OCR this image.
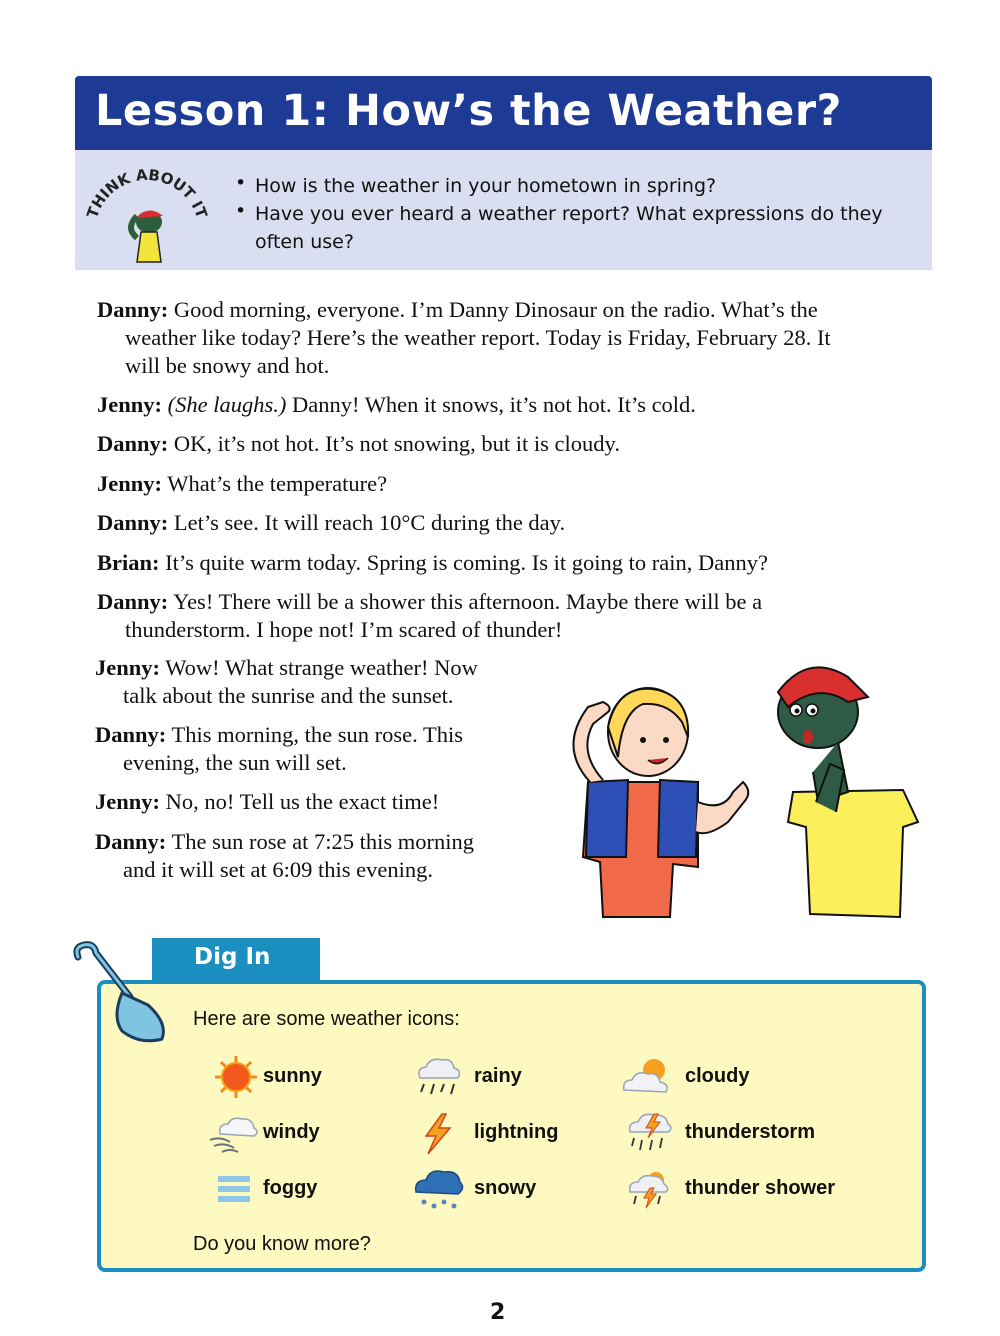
Lesson 1: How’s the Weather?
THINK ABOUT IT
• How is the weather in your hometown in spring?
• Have you ever heard a weather report? What expressions do they often use?
Danny: Good morning, everyone. I’m Danny Dinosaur on the radio. What’s the
weather like today? Here’s the weather report. Today is Friday, February 28. It
will be snowy and hot.
Jenny: (She laughs.) Danny! When it snows, it’s not hot. It’s cold.
Danny: OK, it’s not hot. It’s not snowing, but it is cloudy.
Jenny: What’s the temperature?
Danny: Let’s see. It will reach 10°C during the day.
Brian: It’s quite warm today. Spring is coming. Is it going to rain, Danny?
Danny: Yes! There will be a shower this afternoon. Maybe there will be a
thunderstorm. I hope not! I’m scared of thunder!
Jenny: Wow! What strange weather! Now
talk about the sunrise and the sunset.
Danny: This morning, the sun rose. This
evening, the sun will set.
Jenny: No, no! Tell us the exact time!
Danny: The sun rose at 7:25 this morning
and it will set at 6:09 this evening.
Dig In
Here are some weather icons:
sunny	rainy	cloudy
windy	lightning	thunderstorm
foggy	snowy	thunder shower
Do you know more?
2
